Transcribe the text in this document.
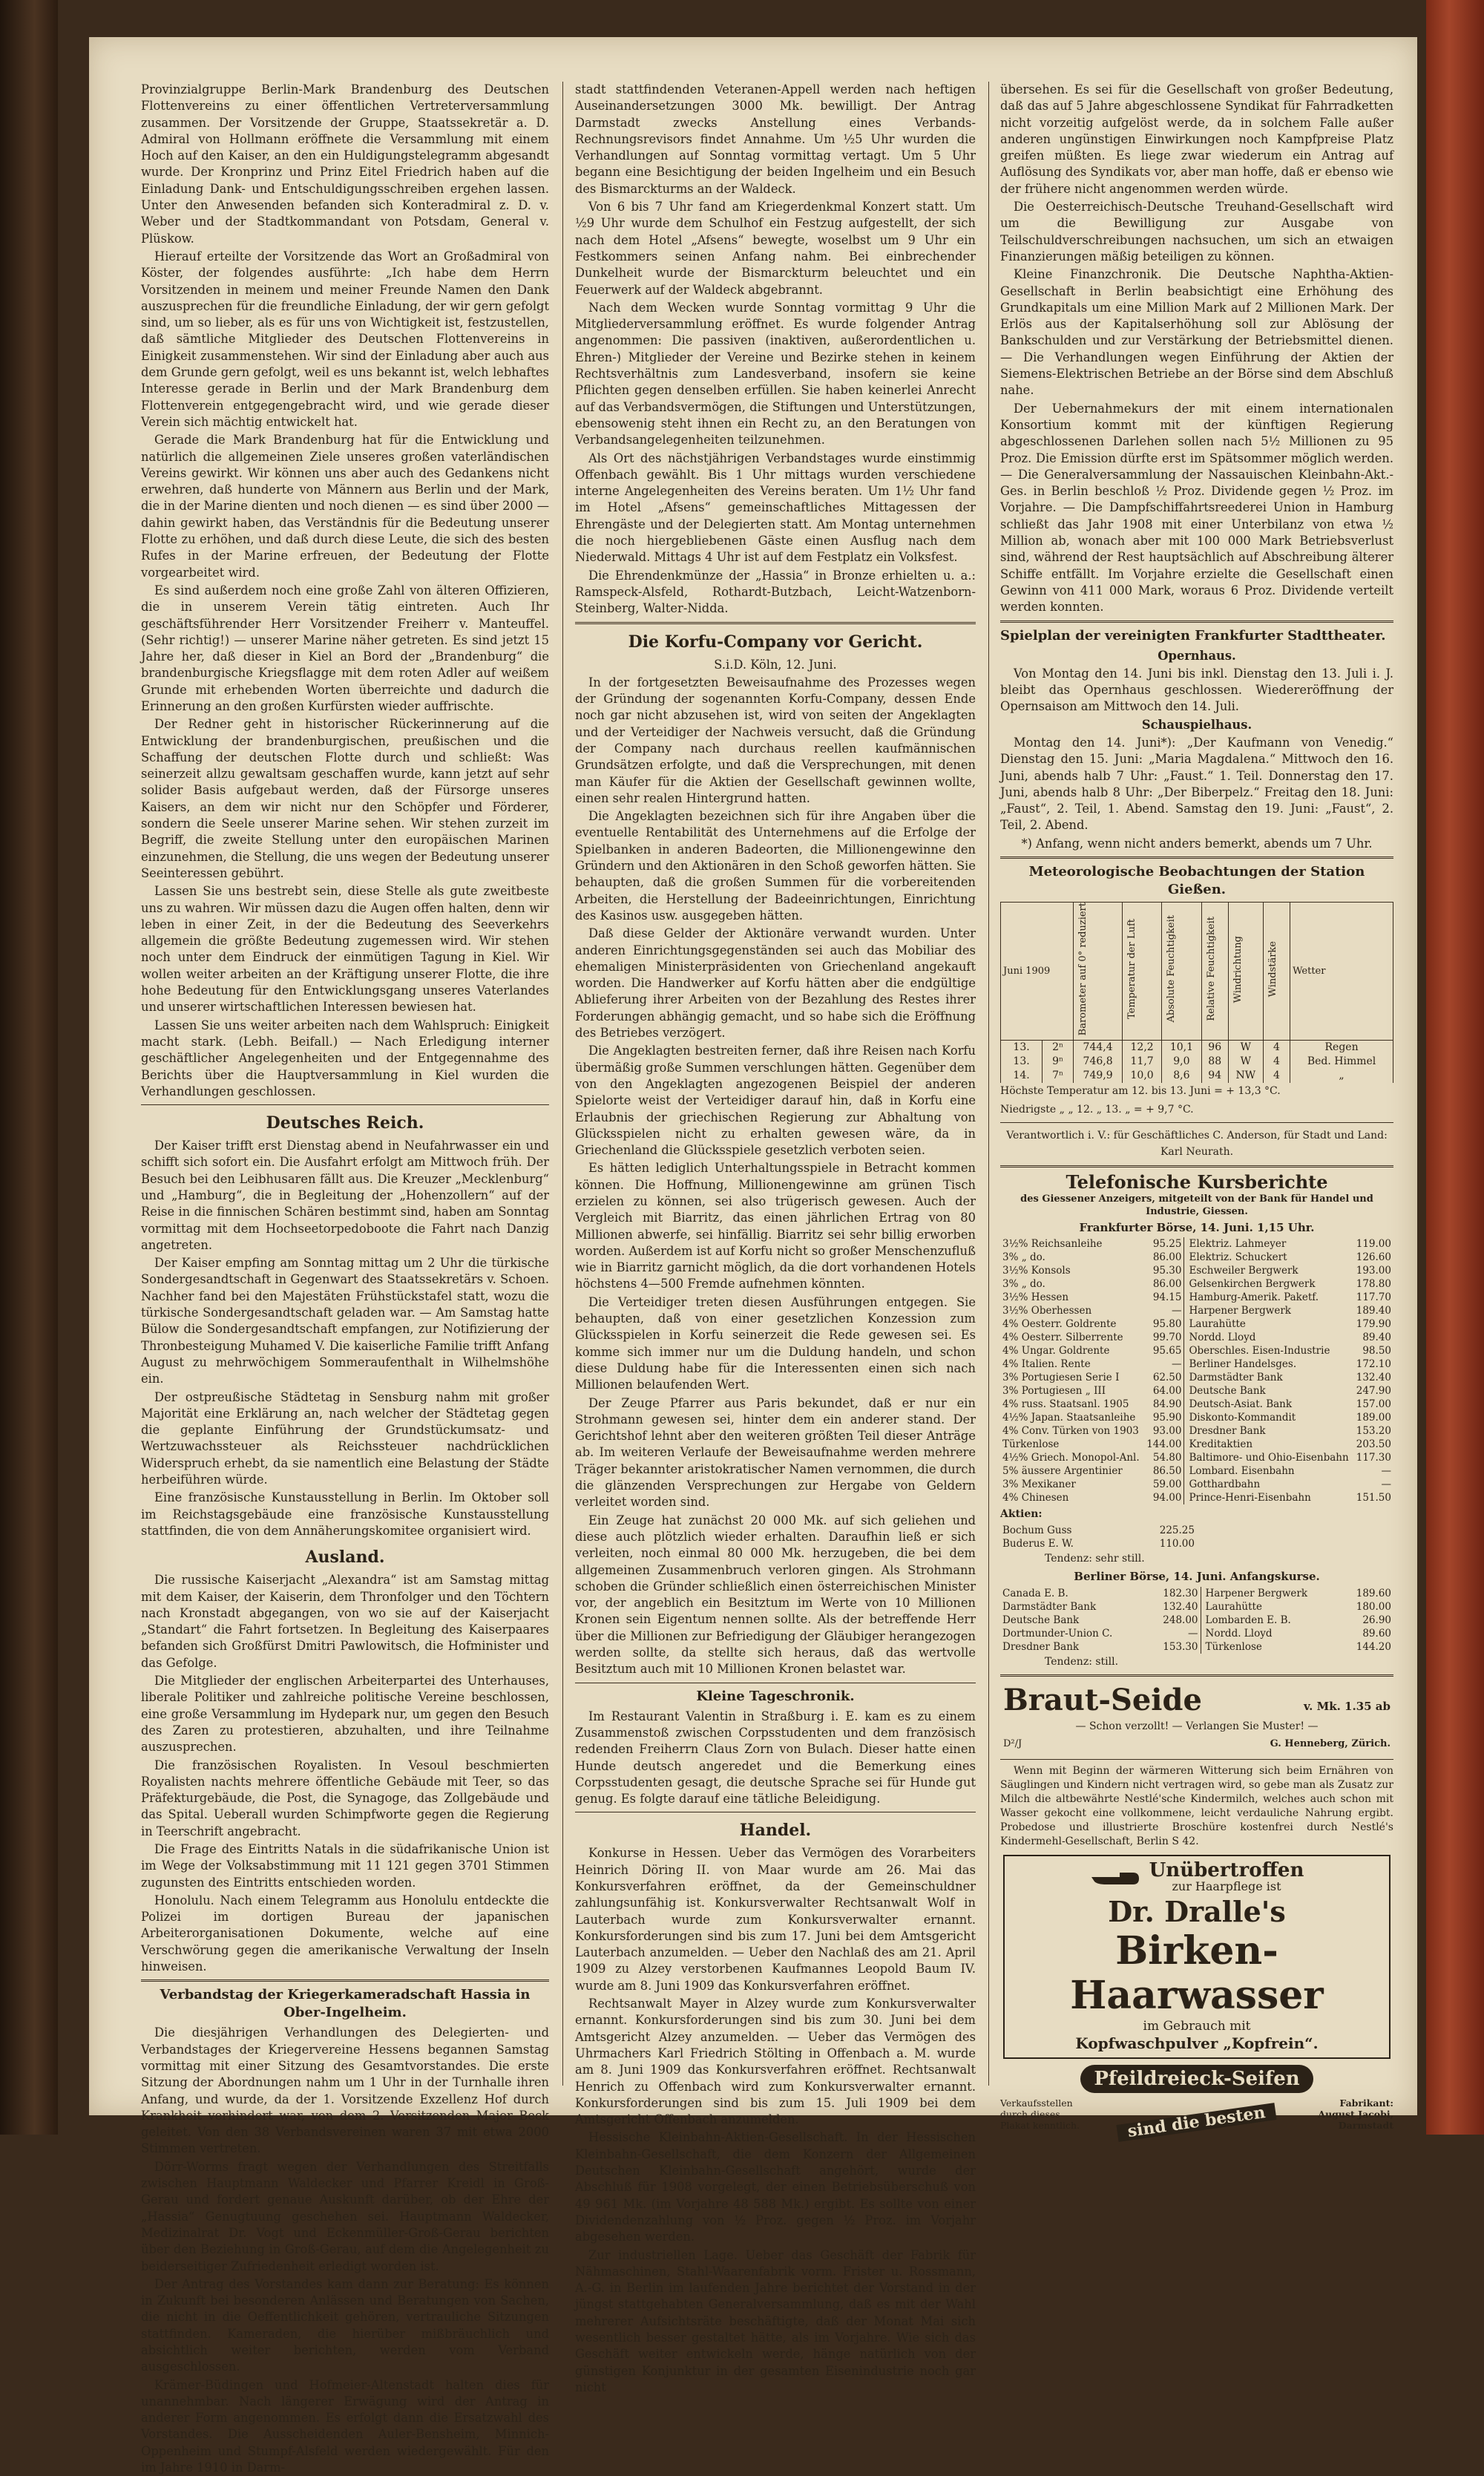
Provinzialgruppe Berlin-Mark Brandenburg des Deutschen Flottenvereins zu einer öffentlichen Vertreterversammlung zusammen. Der Vorsitzende der Gruppe, Staatssekretär a. D. Admiral von Hollmann eröffnete die Versammlung mit einem Hoch auf den Kaiser, an den ein Huldigungstelegramm abgesandt wurde. Der Kronprinz und Prinz Eitel Friedrich haben auf die Einladung Dank- und Entschuldigungsschreiben ergehen lassen. Unter den Anwesenden befanden sich Konteradmiral z. D. v. Weber und der Stadtkommandant von Potsdam, General v. Plüskow.

Hierauf erteilte der Vorsitzende das Wort an Großadmiral von Köster, der folgendes ausführte: „Ich habe dem Herrn Vorsitzenden in meinem und meiner Freunde Namen den Dank auszusprechen für die freundliche Einladung, der wir gern gefolgt sind, um so lieber, als es für uns von Wichtigkeit ist, festzustellen, daß sämtliche Mitglieder des Deutschen Flottenvereins in Einigkeit zusammenstehen. Wir sind der Einladung aber auch aus dem Grunde gern gefolgt, weil es uns bekannt ist, welch lebhaftes Interesse gerade in Berlin und der Mark Brandenburg dem Flottenverein entgegengebracht wird, und wie gerade dieser Verein sich mächtig entwickelt hat.

Gerade die Mark Brandenburg hat für die Entwicklung und natürlich die allgemeinen Ziele unseres großen vaterländischen Vereins gewirkt. Wir können uns aber auch des Gedankens nicht erwehren, daß hunderte von Männern aus Berlin und der Mark, die in der Marine dienten und noch dienen — es sind über 2000 — dahin gewirkt haben, das Verständnis für die Bedeutung unserer Flotte zu erhöhen, und daß durch diese Leute, die sich des besten Rufes in der Marine erfreuen, der Bedeutung der Flotte vorgearbeitet wird.

Es sind außerdem noch eine große Zahl von älteren Offizieren, die in unserem Verein tätig eintreten. Auch Ihr geschäftsführender Herr Vorsitzender Freiherr v. Manteuffel. (Sehr richtig!) — unserer Marine näher getreten. Es sind jetzt 15 Jahre her, daß dieser in Kiel an Bord der „Brandenburg“ die brandenburgische Kriegsflagge mit dem roten Adler auf weißem Grunde mit erhebenden Worten überreichte und dadurch die Erinnerung an den großen Kurfürsten wieder auffrischte.

Der Redner geht in historischer Rückerinnerung auf die Entwicklung der brandenburgischen, preußischen und die Schaffung der deutschen Flotte durch und schließt: Was seinerzeit allzu gewaltsam geschaffen wurde, kann jetzt auf sehr solider Basis aufgebaut werden, daß der Fürsorge unseres Kaisers, an dem wir nicht nur den Schöpfer und Förderer, sondern die Seele unserer Marine sehen. Wir stehen zurzeit im Begriff, die zweite Stellung unter den europäischen Marinen einzunehmen, die Stellung, die uns wegen der Bedeutung unserer Seeinteressen gebührt.

Lassen Sie uns bestrebt sein, diese Stelle als gute zweitbeste uns zu wahren. Wir müssen dazu die Augen offen halten, denn wir leben in einer Zeit, in der die Bedeutung des Seeverkehrs allgemein die größte Bedeutung zugemessen wird. Wir stehen noch unter dem Eindruck der einmütigen Tagung in Kiel. Wir wollen weiter arbeiten an der Kräftigung unserer Flotte, die ihre hohe Bedeutung für den Entwicklungsgang unseres Vaterlandes und unserer wirtschaftlichen Interessen bewiesen hat.

Lassen Sie uns weiter arbeiten nach dem Wahlspruch: Einigkeit macht stark. (Lebh. Beifall.) — Nach Erledigung interner geschäftlicher Angelegenheiten und der Entgegennahme des Berichts über die Hauptversammlung in Kiel wurden die Verhandlungen geschlossen.

Deutsches Reich.

Der Kaiser trifft erst Dienstag abend in Neufahrwasser ein und schifft sich sofort ein. Die Ausfahrt erfolgt am Mittwoch früh. Der Besuch bei den Leibhusaren fällt aus. Die Kreuzer „Mecklenburg“ und „Hamburg“, die in Begleitung der „Hohenzollern“ auf der Reise in die finnischen Schären bestimmt sind, haben am Sonntag vormittag mit dem Hochseetorpedoboote die Fahrt nach Danzig angetreten.

Der Kaiser empfing am Sonntag mittag um 2 Uhr die türkische Sondergesandtschaft in Gegenwart des Staatssekretärs v. Schoen. Nachher fand bei den Majestäten Frühstückstafel statt, wozu die türkische Sondergesandtschaft geladen war. — Am Samstag hatte Bülow die Sondergesandtschaft empfangen, zur Notifizierung der Thronbesteigung Muhamed V. Die kaiserliche Familie trifft Anfang August zu mehrwöchigem Sommeraufenthalt in Wilhelmshöhe ein.

Der ostpreußische Städtetag in Sensburg nahm mit großer Majorität eine Erklärung an, nach welcher der Städtetag gegen die geplante Einführung der Grundstückumsatz- und Wertzuwachssteuer als Reichssteuer nachdrücklichen Widerspruch erhebt, da sie namentlich eine Belastung der Städte herbeiführen würde.

Eine französische Kunstausstellung in Berlin. Im Oktober soll im Reichstagsgebäude eine französische Kunstausstellung stattfinden, die von dem Annäherungskomitee organisiert wird.

Ausland.

Die russische Kaiserjacht „Alexandra“ ist am Samstag mittag mit dem Kaiser, der Kaiserin, dem Thronfolger und den Töchtern nach Kronstadt abgegangen, von wo sie auf der Kaiserjacht „Standart“ die Fahrt fortsetzen. In Begleitung des Kaiserpaares befanden sich Großfürst Dmitri Pawlowitsch, die Hofminister und das Gefolge.

Die Mitglieder der englischen Arbeiterpartei des Unterhauses, liberale Politiker und zahlreiche politische Vereine beschlossen, eine große Versammlung im Hydepark nur, um gegen den Besuch des Zaren zu protestieren, abzuhalten, und ihre Teilnahme auszusprechen.

Die französischen Royalisten. In Vesoul beschmierten Royalisten nachts mehrere öffentliche Gebäude mit Teer, so das Präfekturgebäude, die Post, die Synagoge, das Zollgebäude und das Spital. Ueberall wurden Schimpfworte gegen die Regierung in Teerschrift angebracht.

Die Frage des Eintritts Natals in die südafrikanische Union ist im Wege der Volksabstimmung mit 11 121 gegen 3701 Stimmen zugunsten des Eintritts entschieden worden.

Honolulu. Nach einem Telegramm aus Honolulu entdeckte die Polizei im dortigen Bureau der japanischen Arbeiterorganisationen Dokumente, welche auf eine Verschwörung gegen die amerikanische Verwaltung der Inseln hinweisen.

Verbandstag der Kriegerkameradschaft Hassia in Ober-Ingelheim.

Die diesjährigen Verhandlungen des Delegierten- und Verbandstages der Kriegervereine Hessens begannen Samstag vormittag mit einer Sitzung des Gesamtvorstandes. Die erste Sitzung der Abordnungen nahm um 1 Uhr in der Turnhalle ihren Anfang, und wurde, da der 1. Vorsitzende Exzellenz Hof durch Krankheit verhindert war, von dem 2. Vorsitzenden Major Beck geleitet. Von den 38 Verbandsvereinen waren 37 mit etwa 2000 Stimmen vertreten.

Dörr-Worms fragt wegen der Verhandlungen des Streitfalls zwischen Hauptmann Waldecker und Pfarrer Kreidl in Groß-Gerau und fordert genaue Auskunft darüber, ob der Ehre der „Hassia“ Genugtuung geschehen sei. Hauptmann Waldecker, Medizinalrat Dr. Vogt und Eckenmüller-Groß-Gerau berichten über den Beziehung in Groß-Gerau, auf dem die Angelegenheit zu beiderseitiger Zufriedenheit erledigt worden ist.

Der Antrag des Vorstandes kam dann zur Beratung: Es können in Zukunft bei besonderen Anlässen und Beratungen von Sachen, die nicht in die Oeffentlichkeit gehören, vertrauliche Sitzungen stattfinden. Kameraden, die hierüber mißbräuchlich und absichtlich weiter berichten, werden vom Verband ausgeschlossen.

Krämer-Büdingen und Hofmeier-Altenstadt halten dies für unannehmbar. Nach längerer Erwägung wird der Antrag in anderer Form angenommen. Es erfolgt dann die Ersatzwahl des Vorstandes. Die Ausscheidenden Auler-Bensheim, Minnich-Oppenheim und Stumpf-Alsfeld werden wiedergewählt. Für den im Jahre 1910 in Darm-

stadt stattfindenden Veteranen-Appell werden nach heftigen Auseinandersetzungen 3000 Mk. bewilligt. Der Antrag Darmstadt zwecks Anstellung eines Verbands-Rechnungsrevisors findet Annahme. Um ½5 Uhr wurden die Verhandlungen auf Sonntag vormittag vertagt. Um 5 Uhr begann eine Besichtigung der beiden Ingelheim und ein Besuch des Bismarckturms an der Waldeck.

Von 6 bis 7 Uhr fand am Kriegerdenkmal Konzert statt. Um ½9 Uhr wurde dem Schulhof ein Festzug aufgestellt, der sich nach dem Hotel „Afsens“ bewegte, woselbst um 9 Uhr ein Festkommers seinen Anfang nahm. Bei einbrechender Dunkelheit wurde der Bismarckturm beleuchtet und ein Feuerwerk auf der Waldeck abgebrannt.

Nach dem Wecken wurde Sonntag vormittag 9 Uhr die Mitgliederversammlung eröffnet. Es wurde folgender Antrag angenommen: Die passiven (inaktiven, außerordentlichen u. Ehren-) Mitglieder der Vereine und Bezirke stehen in keinem Rechtsverhältnis zum Landesverband, insofern sie keine Pflichten gegen denselben erfüllen. Sie haben keinerlei Anrecht auf das Verbandsvermögen, die Stiftungen und Unterstützungen, ebensowenig steht ihnen ein Recht zu, an den Beratungen von Verbandsangelegenheiten teilzunehmen.

Als Ort des nächstjährigen Verbandstages wurde einstimmig Offenbach gewählt. Bis 1 Uhr mittags wurden verschiedene interne Angelegenheiten des Vereins beraten. Um 1½ Uhr fand im Hotel „Afsens“ gemeinschaftliches Mittagessen der Ehrengäste und der Delegierten statt. Am Montag unternehmen die noch hiergebliebenen Gäste einen Ausflug nach dem Niederwald. Mittags 4 Uhr ist auf dem Festplatz ein Volksfest.

Die Ehrendenkmünze der „Hassia“ in Bronze erhielten u. a.: Ramspeck-Alsfeld, Rothardt-Butzbach, Leicht-Watzenborn-Steinberg, Walter-Nidda.

Die Korfu-Company vor Gericht.

S.i.D. Köln, 12. Juni.

In der fortgesetzten Beweisaufnahme des Prozesses wegen der Gründung der sogenannten Korfu-Company, dessen Ende noch gar nicht abzusehen ist, wird von seiten der Angeklagten und der Verteidiger der Nachweis versucht, daß die Gründung der Company nach durchaus reellen kaufmännischen Grundsätzen erfolgte, und daß die Versprechungen, mit denen man Käufer für die Aktien der Gesellschaft gewinnen wollte, einen sehr realen Hintergrund hatten.

Die Angeklagten bezeichnen sich für ihre Angaben über die eventuelle Rentabilität des Unternehmens auf die Erfolge der Spielbanken in anderen Badeorten, die Millionengewinne den Gründern und den Aktionären in den Schoß geworfen hätten. Sie behaupten, daß die großen Summen für die vorbereitenden Arbeiten, die Herstellung der Badeeinrichtungen, Einrichtung des Kasinos usw. ausgegeben hätten.

Daß diese Gelder der Aktionäre verwandt wurden. Unter anderen Einrichtungsgegenständen sei auch das Mobiliar des ehemaligen Ministerpräsidenten von Griechenland angekauft worden. Die Handwerker auf Korfu hätten aber die endgültige Ablieferung ihrer Arbeiten von der Bezahlung des Restes ihrer Forderungen abhängig gemacht, und so habe sich die Eröffnung des Betriebes verzögert.

Die Angeklagten bestreiten ferner, daß ihre Reisen nach Korfu übermäßig große Summen verschlungen hätten. Gegenüber dem von den Angeklagten angezogenen Beispiel der anderen Spielorte weist der Verteidiger darauf hin, daß in Korfu eine Erlaubnis der griechischen Regierung zur Abhaltung von Glücksspielen nicht zu erhalten gewesen wäre, da in Griechenland die Glücksspiele gesetzlich verboten seien.

Es hätten lediglich Unterhaltungsspiele in Betracht kommen können. Die Hoffnung, Millionengewinne am grünen Tisch erzielen zu können, sei also trügerisch gewesen. Auch der Vergleich mit Biarritz, das einen jährlichen Ertrag von 80 Millionen abwerfe, sei hinfällig. Biarritz sei sehr billig erworben worden. Außerdem ist auf Korfu nicht so großer Menschenzufluß wie in Biarritz garnicht möglich, da die dort vorhandenen Hotels höchstens 4—500 Fremde aufnehmen könnten.

Die Verteidiger treten diesen Ausführungen entgegen. Sie behaupten, daß von einer gesetzlichen Konzession zum Glücksspielen in Korfu seinerzeit die Rede gewesen sei. Es komme sich immer nur um die Duldung handeln, und schon diese Duldung habe für die Interessenten einen sich nach Millionen belaufenden Wert.

Der Zeuge Pfarrer aus Paris bekundet, daß er nur ein Strohmann gewesen sei, hinter dem ein anderer stand. Der Gerichtshof lehnt aber den weiteren größten Teil dieser Anträge ab. Im weiteren Verlaufe der Beweisaufnahme werden mehrere Träger bekannter aristokratischer Namen vernommen, die durch die glänzenden Versprechungen zur Hergabe von Geldern verleitet worden sind.

Ein Zeuge hat zunächst 20 000 Mk. auf sich geliehen und diese auch plötzlich wieder erhalten. Daraufhin ließ er sich verleiten, noch einmal 80 000 Mk. herzugeben, die bei dem allgemeinen Zusammenbruch verloren gingen. Als Strohmann schoben die Gründer schließlich einen österreichischen Minister vor, der angeblich ein Besitztum im Werte von 10 Millionen Kronen sein Eigentum nennen sollte. Als der betreffende Herr über die Millionen zur Befriedigung der Gläubiger herangezogen werden sollte, da stellte sich heraus, daß das wertvolle Besitztum auch mit 10 Millionen Kronen belastet war.

Kleine Tageschronik.

Im Restaurant Valentin in Straßburg i. E. kam es zu einem Zusammenstoß zwischen Corpsstudenten und dem französisch redenden Freiherrn Claus Zorn von Bulach. Dieser hatte einen Hunde deutsch angeredet und die Bemerkung eines Corpsstudenten gesagt, die deutsche Sprache sei für Hunde gut genug. Es folgte darauf eine tätliche Beleidigung.

Handel.

Konkurse in Hessen. Ueber das Vermögen des Vorarbeiters Heinrich Döring II. von Maar wurde am 26. Mai das Konkursverfahren eröffnet, da der Gemeinschuldner zahlungsunfähig ist. Konkursverwalter Rechtsanwalt Wolf in Lauterbach wurde zum Konkursverwalter ernannt. Konkursforderungen sind bis zum 17. Juni bei dem Amtsgericht Lauterbach anzumelden. — Ueber den Nachlaß des am 21. April 1909 zu Alzey verstorbenen Kaufmannes Leopold Baum IV. wurde am 8. Juni 1909 das Konkursverfahren eröffnet.

Rechtsanwalt Mayer in Alzey wurde zum Konkursverwalter ernannt. Konkursforderungen sind bis zum 30. Juni bei dem Amtsgericht Alzey anzumelden. — Ueber das Vermögen des Uhrmachers Karl Friedrich Stölting in Offenbach a. M. wurde am 8. Juni 1909 das Konkursverfahren eröffnet. Rechtsanwalt Henrich zu Offenbach wird zum Konkursverwalter ernannt. Konkursforderungen sind bis zum 15. Juli 1909 bei dem Amtsgericht Offenbach anzumelden.

Hessische Kleinbahn-Aktien-Gesellschaft. In der Hessischen Kleinbahn-Gesellschaft, die dem Konzern der Allgemeinen Deutschen Kleinbahn-Gesellschaft angehört, wurde der Abschluß für 1908 vorgelegt, der einen Betriebsüberschuß von 49 961 Mk. (im Vorjahre 48 588 Mk.) ergibt. Es sollte von einer Dividendenzahlung von ½ Proz. gegen ½ Proz. im Vorjahr abgesehen werden.

Zur industriellen Lage. Ueber das Geschäft der Fabrik für Nähmaschinen, Stahl-Waarenfabrik vorm. Frister u. Rossmann, A.-G. in Berlin im laufenden Jahre berichtet der Vorstand in der jüngst stattgehabten Generalversammlung, daß es mit der Wahl mehrerer Aufsichtsräte beschäftigte, daß der Monat Mai sich wesentlich besser gestaltet hätte, als im Vorjahre. Wie sich das Geschäft weiter entwickeln werde, hänge natürlich von der günstigen Konjunktur in der gesamten Eisenindustrie noch gar nicht

übersehen. Es sei für die Gesellschaft von großer Bedeutung, daß das auf 5 Jahre abgeschlossene Syndikat für Fahrradketten nicht vorzeitig aufgelöst werde, da in solchem Falle außer anderen ungünstigen Einwirkungen noch Kampfpreise Platz greifen müßten. Es liege zwar wiederum ein Antrag auf Auflösung des Syndikats vor, aber man hoffe, daß er ebenso wie der frühere nicht angenommen werden würde.

Die Oesterreichisch-Deutsche Treuhand-Gesellschaft wird um die Bewilligung zur Ausgabe von Teilschuldverschreibungen nachsuchen, um sich an etwaigen Finanzierungen mäßig beteiligen zu können.

Kleine Finanzchronik. Die Deutsche Naphtha-Aktien-Gesellschaft in Berlin beabsichtigt eine Erhöhung des Grundkapitals um eine Million Mark auf 2 Millionen Mark. Der Erlös aus der Kapitalserhöhung soll zur Ablösung der Bankschulden und zur Verstärkung der Betriebsmittel dienen. — Die Verhandlungen wegen Einführung der Aktien der Siemens-Elektrischen Betriebe an der Börse sind dem Abschluß nahe.

Der Uebernahmekurs der mit einem internationalen Konsortium kommt mit der künftigen Regierung abgeschlossenen Darlehen sollen nach 5½ Millionen zu 95 Proz. Die Emission dürfte erst im Spätsommer möglich werden. — Die Generalversammlung der Nassauischen Kleinbahn-Akt.-Ges. in Berlin beschloß ½ Proz. Dividende gegen ½ Proz. im Vorjahre. — Die Dampfschiffahrtsreederei Union in Hamburg schließt das Jahr 1908 mit einer Unterbilanz von etwa ½ Million ab, wonach aber mit 100 000 Mark Betriebsverlust sind, während der Rest hauptsächlich auf Abschreibung älterer Schiffe entfällt. Im Vorjahre erzielte die Gesellschaft einen Gewinn von 411 000 Mark, woraus 6 Proz. Dividende verteilt werden konnten.

Spielplan der vereinigten Frankfurter Stadttheater.

Opernhaus.

Von Montag den 14. Juni bis inkl. Dienstag den 13. Juli i. J. bleibt das Opernhaus geschlossen. Wiedereröffnung der Opernsaison am Mittwoch den 14. Juli.

Schauspielhaus.

Montag den 14. Juni*): „Der Kaufmann von Venedig.“ Dienstag den 15. Juni: „Maria Magdalena.“ Mittwoch den 16. Juni, abends halb 7 Uhr: „Faust.“ 1. Teil. Donnerstag den 17. Juni, abends halb 8 Uhr: „Der Biberpelz.“ Freitag den 18. Juni: „Faust“, 2. Teil, 1. Abend. Samstag den 19. Juni: „Faust“, 2. Teil, 2. Abend.

*) Anfang, wenn nicht anders bemerkt, abends um 7 Uhr.

Meteorologische Beobachtungen der Station Gießen.
Juni 1909		Barometer auf 0° reduziert	Temperatur der Luft	Absolute Feuchtigkeit	Relative Feuchtigkeit	Windrichtung	Windstärke	Wetter
13.	2ⁿ	744,4	12,2	10,1	96	W	4	Regen
13.	9ⁿ	746,8	11,7	9,0	88	W	4	Bed. Himmel
14.	7ⁿ	749,9	10,0	8,6	94	NW	4	„

Höchste Temperatur am 12. bis 13. Juni = + 13,3 °C.

Niedrigste „ „ 12. „ 13. „ = + 9,7 °C.

Verantwortlich i. V.: für Geschäftliches C. Anderson, für Stadt und Land: Karl Neurath.

Telefonische Kursberichte

des Giessener Anzeigers, mitgeteilt von der Bank für Handel und Industrie, Giessen.

Frankfurter Börse, 14. Juni. 1,15 Uhr.

3½% Reichsanleihe	95.25	Elektriz. Lahmeyer	119.00
3% „ do.	86.00	Elektriz. Schuckert	126.60
3½% Konsols	95.30	Eschweiler Bergwerk	193.00
3% „ do.	86.00	Gelsenkirchen Bergwerk	178.80
3½% Hessen	94.15	Hamburg-Amerik. Paketf.	117.70
3½% Oberhessen	—	Harpener Bergwerk	189.40
4% Oesterr. Goldrente	95.80	Laurahütte	179.90
4% Oesterr. Silberrente	99.70	Nordd. Lloyd	89.40
4% Ungar. Goldrente	95.65	Oberschles. Eisen-Industrie	98.50
4% Italien. Rente	—	Berliner Handelsges.	172.10
3% Portugiesen Serie I	62.50	Darmstädter Bank	132.40
3% Portugiesen „ III	64.00	Deutsche Bank	247.90
4% russ. Staatsanl. 1905	84.90	Deutsch-Asiat. Bank	157.00
4½% Japan. Staatsanleihe	95.90	Diskonto-Kommandit	189.00
4% Conv. Türken von 1903	93.00	Dresdner Bank	153.20
Türkenlose	144.00	Kreditaktien	203.50
4½% Griech. Monopol-Anl.	54.80	Baltimore- und Ohio-Eisenbahn	117.30
5% äussere Argentinier	86.50	Lombard. Eisenbahn	—
3% Mexikaner	59.00	Gotthardbahn	—
4% Chinesen	94.00	Prince-Henri-Eisenbahn	151.50

Aktien:

Bochum Guss	225.25
Buderus E. W.	110.00

Tendenz: sehr still.

Berliner Börse, 14. Juni. Anfangskurse.

Canada E. B.	182.30	Harpener Bergwerk	189.60
Darmstädter Bank	132.40	Laurahütte	180.00
Deutsche Bank	248.00	Lombarden E. B.	26.90
Dortmunder-Union C.	—	Nordd. Lloyd	89.60
Dresdner Bank	153.30	Türkenlose	144.20

Tendenz: still.

Braut-Seide	v. Mk. 1.35 ab

— Schon verzollt! — Verlangen Sie Muster! —

D²/J	G. Henneberg, Zürich.

Wenn mit Beginn der wärmeren Witterung sich beim Ernähren von Säuglingen und Kindern nicht vertragen wird, so gebe man als Zusatz zur Milch die altbewährte Nestlé'sche Kindermilch, welches auch schon mit Wasser gekocht eine vollkommene, leicht verdauliche Nahrung ergibt. Probedose und illustrierte Broschüre kostenfrei durch Nestlé's Kindermehl-Gesellschaft, Berlin S 42.

Unübertroffen
zur Haarpflege ist
Dr. Dralle's
Birken-
Haarwasser
im Gebrauch mit
Kopfwaschpulver „Kopfrein“.
Pfeildreieck-Seifen
Verkaufsstellen durch dieses Plakat kenntlich.	sind die besten	Fabrikant: August Jacobi, Darmstadt
